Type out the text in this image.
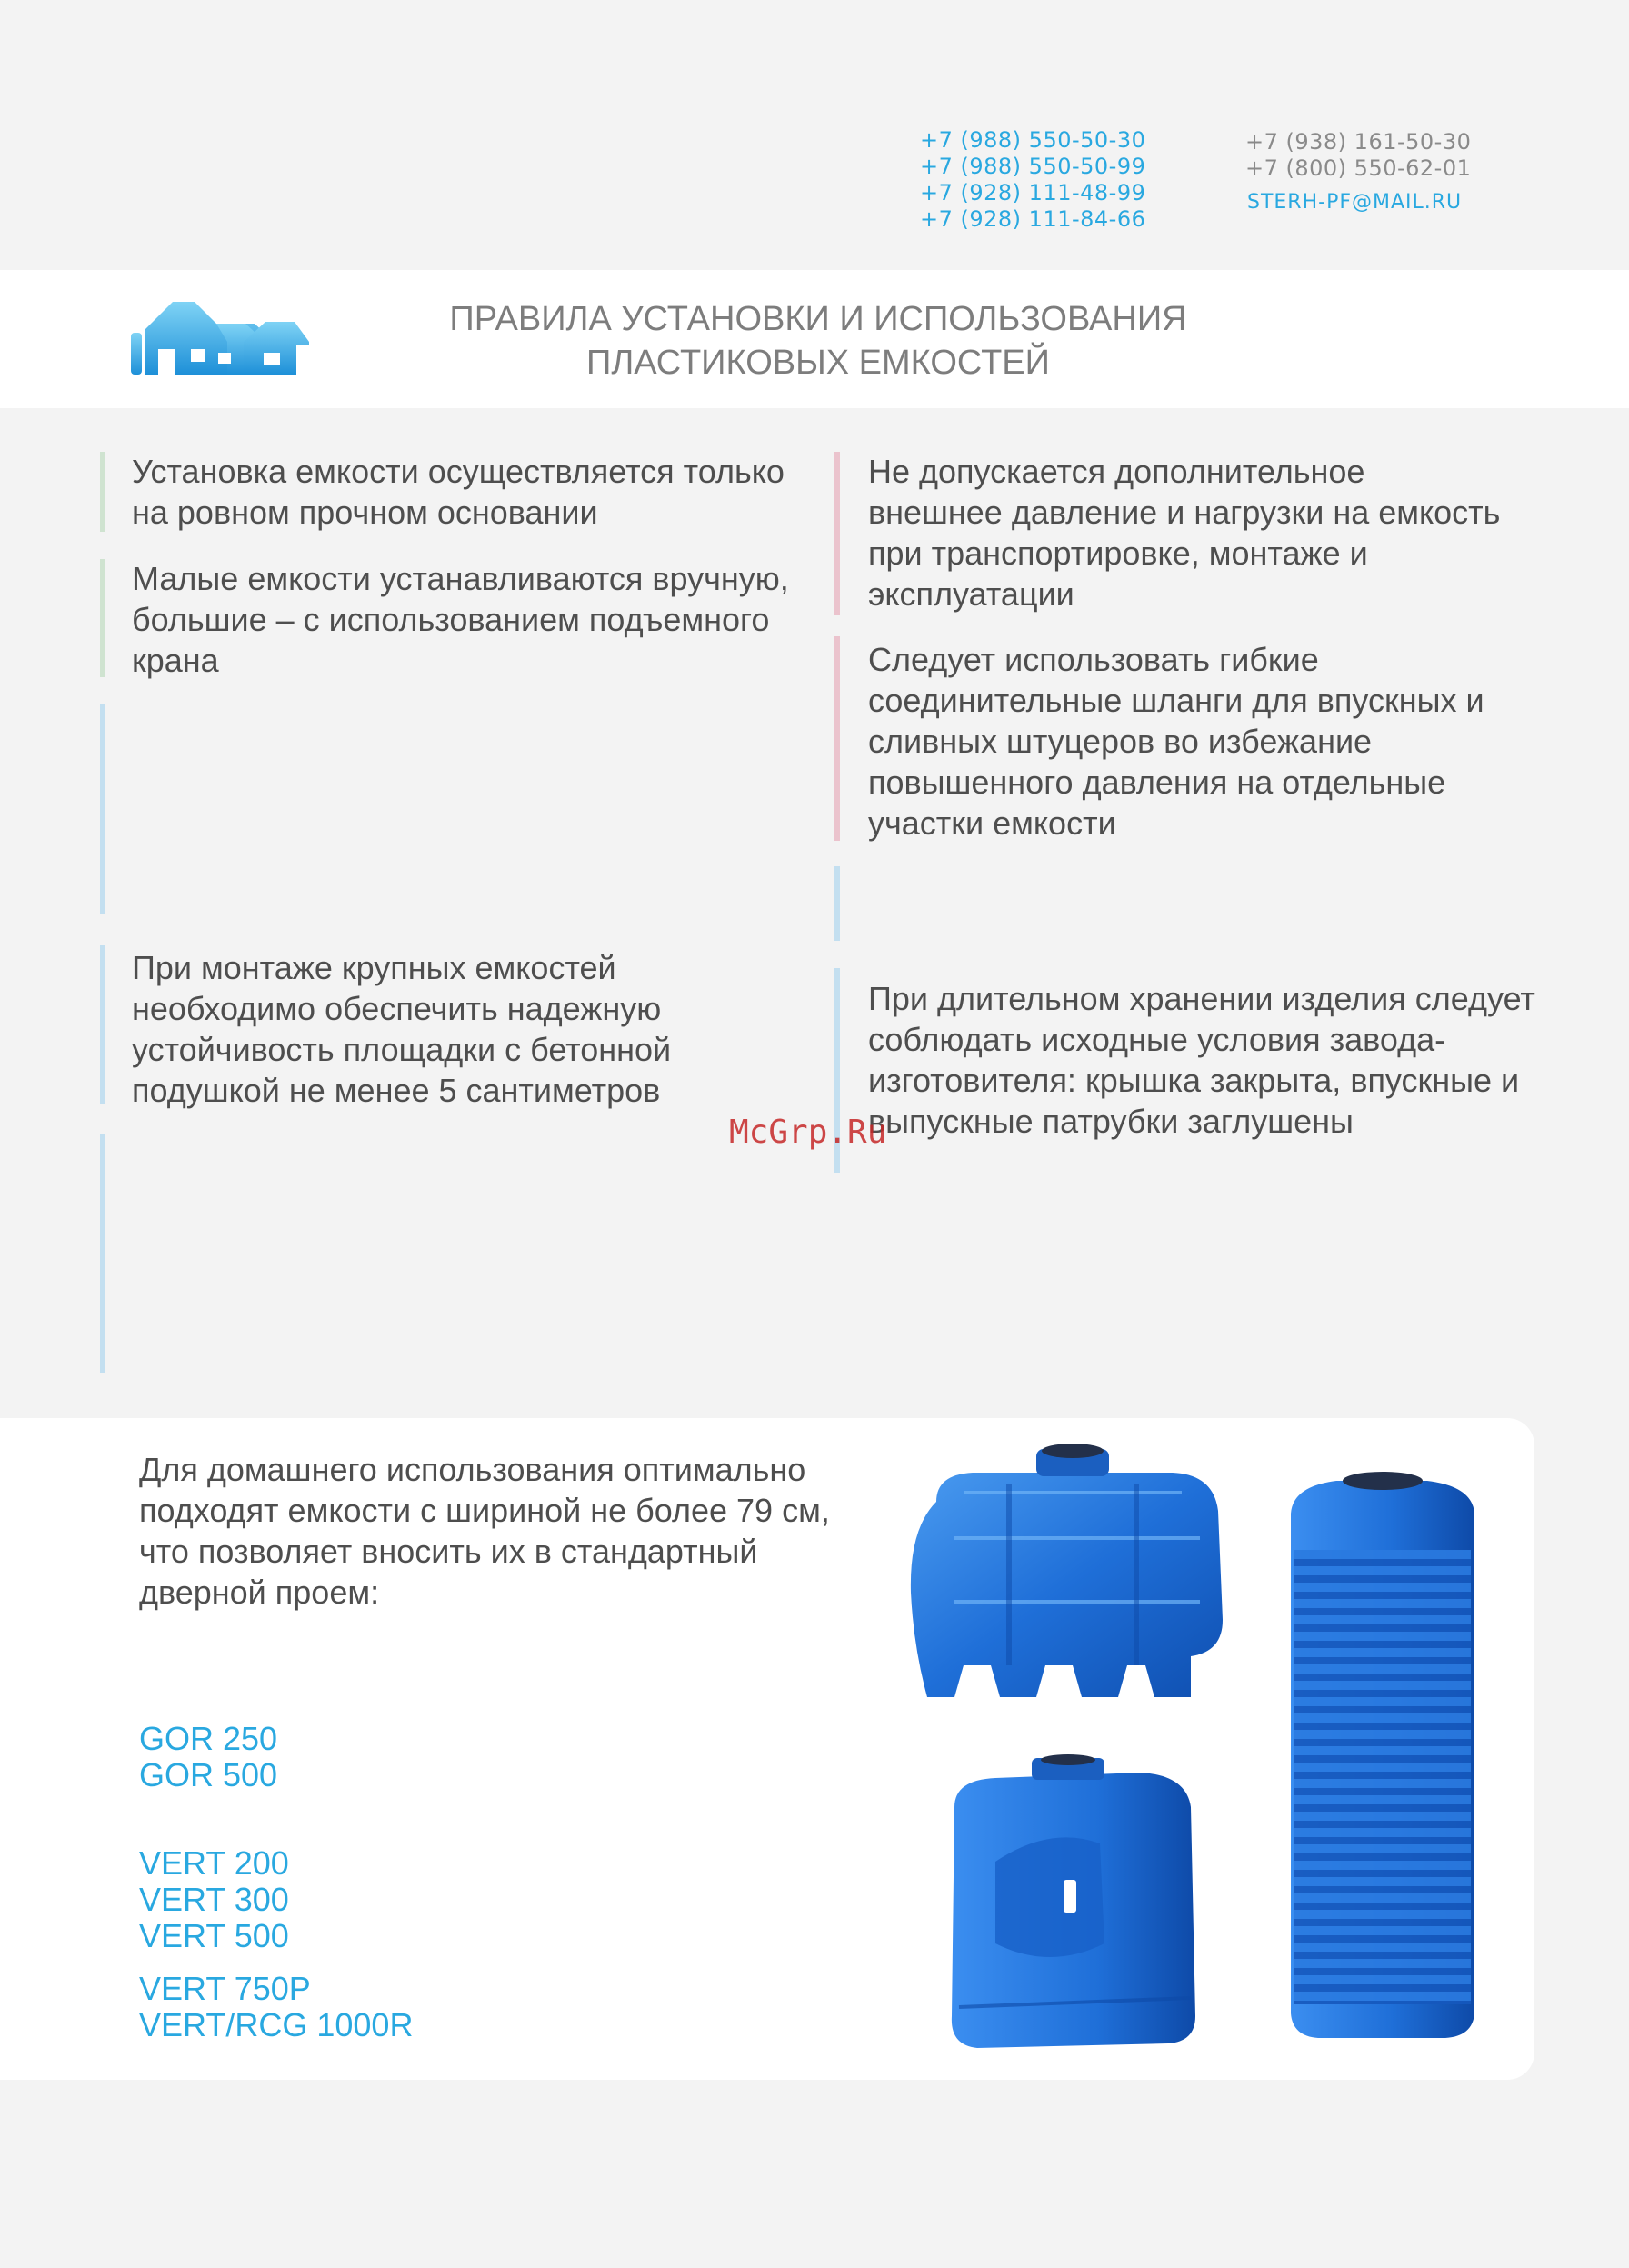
+7 (988) 550-50-30
+7 (988) 550-50-99
+7 (928) 111-48-99
+7 (928) 111-84-66
+7 (938) 161-50-30
+7 (800) 550-62-01
STERH-PF@MAIL.RU
ПРАВИЛА УСТАНОВКИ И ИСПОЛЬЗОВАНИЯ
ПЛАСТИКОВЫХ ЕМКОСТЕЙ
Установка емкости осуществляется только на ровном прочном основании
Малые емкости устанавливаются вручную, большие – с использованием подъемного крана
При монтаже крупных емкостей необходимо обеспечить надежную устойчивость площадки с бетонной подушкой не менее 5 сантиметров
Не допускается дополнительное внешнее давление и нагрузки на емкость при транспортировке, монтаже и эксплуатации
Следует использовать гибкие соединительные шланги для впускных и сливных штуцеров во избежание повышенного давления на отдельные участки емкости
При длительном хранении изделия следует соблюдать исходные условия завода-изготовителя: крышка закрыта, впускные и выпускные патрубки заглушены
McGrp.Ru
Для домашнего использования оптимально подходят емкости с шириной не более 79 см, что позволяет вносить их в стандартный дверной проем:
GOR 250
GOR 500
VERT 200
VERT 300
VERT 500
VERT 750P
VERT/RCG 1000R
